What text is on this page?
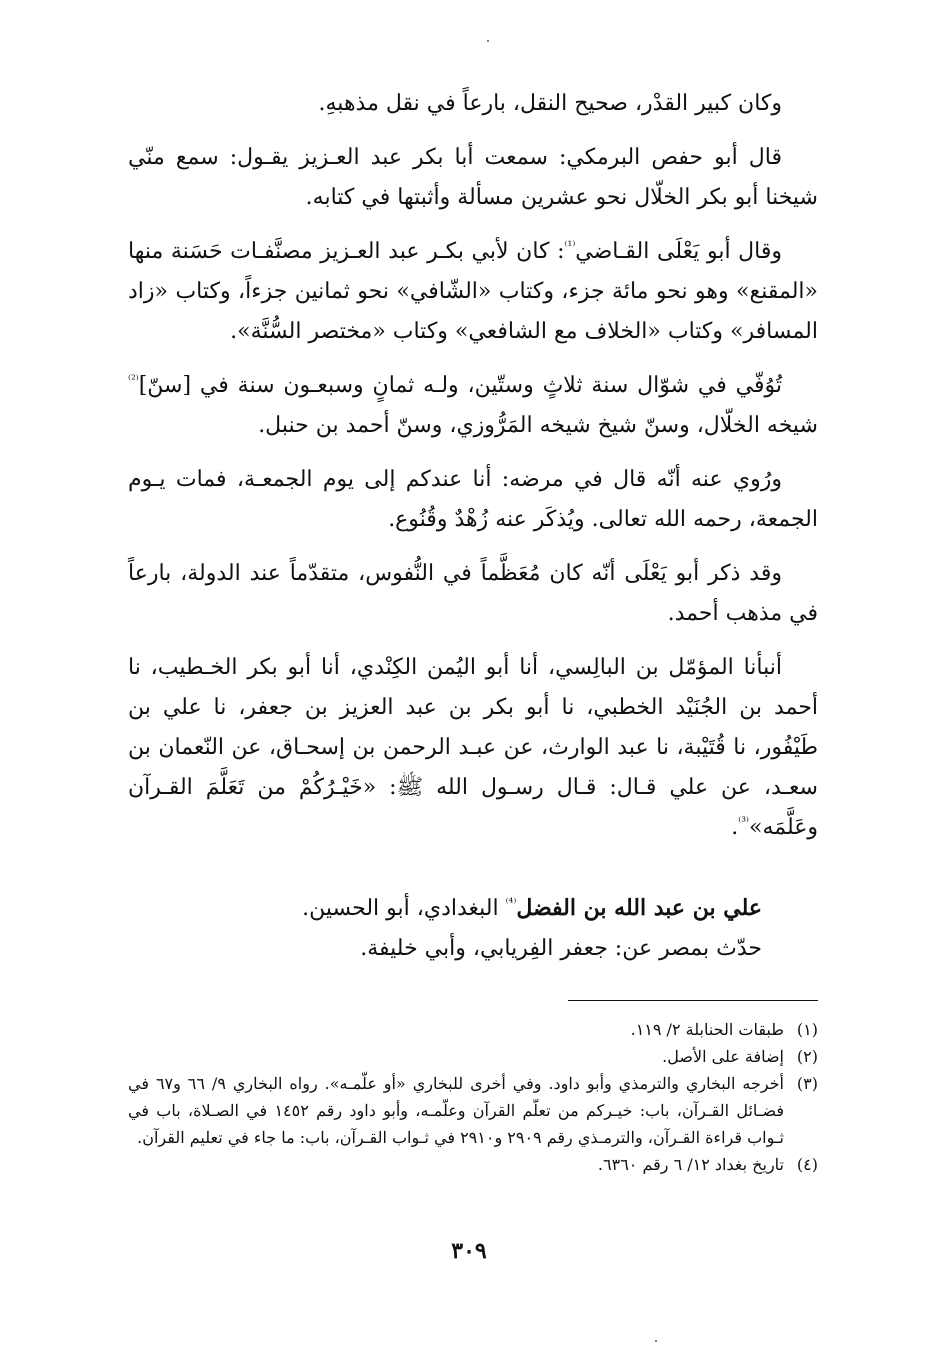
وكان كبير القدْر، صحيح النقل، بارعاً في نقل مذهبهِ.

قال أبو حفص البرمكي: سمعت أبا بكر عبد العـزيز يقـول: سمع منّي شيخنا أبو بكر الخلّال نحو عشرين مسألة وأثبتها في كتابه.

وقال أبو يَعْلَى القـاضي$^{^{(1)}}$: كان لأبي بكـر عبد العـزيز مصنَّفـات حَسَنة منها «المقنع» وهو نحو مائة جزء، وكتاب «الشّافي» نحو ثمانين جزءاً، وكتاب «زاد المسافر» وكتاب «الخلاف مع الشافعي» وكتاب «مختصر السُّنَّة».

تُوُفّي في شوّال سنة ثلاثٍ وستّين، ولـه ثمانٍ وسبعـون سنة في [سنّ]$^{^{(2)}}$ شيخه الخلّال، وسنّ شيخ شيخه المَرُّوزي، وسنّ أحمد بن حنبل.

ورُوي عنه أنّه قال في مرضه: أنا عندكم إلى يوم الجمعـة، فمات يـوم الجمعة، رحمه الله تعالى. ويُذكَر عنه زُهْدٌ وقُنُوع.

وقد ذكر أبو يَعْلَى أنّه كان مُعَظَّماً في النُّفوس، متقدّماً عند الدولة، بارعاً في مذهب أحمد.

أنبأنا المؤمّل بن البالِسي، أنا أبو اليُمن الكِنْدي، أنا أبو بكر الخـطيب، نا أحمد بن الجُنَيْد الخطبي، نا أبو بكر بن عبد العزيز بن جعفر، نا علي بن طَيْفُور، نا قُتَيْبة، نا عبد الوارث، عن عبـد الرحمن بن إسحـاق، عن النّعمان بن سعـد، عن علي قـال: قـال رسـول الله ﷺ: «خَيْـرُكُمْ من تَعَلَّمَ القـرآن وعَلَّمَه»$^{^{(3)}}$.

علي بن عبد الله بن الفضل$^{^{(4)}}$ البغدادي، أبو الحسين.
حدّث بمصر عن: جعفر الفِريابي، وأبي خليفة.
(١)
طبقات الحنابلة ٢/ ١١٩.
(٢)
إضافة على الأصل.
(٣)
أخرجه البخاري والترمذي وأبو داود. وفي أخرى للبخاري «أو علّمـه». رواه البخاري ٩/ ٦٦ و٦٧ في فضـائل القـرآن، باب: خيـركم من تعلّم القرآن وعلّمـه، وأبو داود رقم ١٤٥٢ في الصـلاة، باب في ثـواب قراءة القـرآن، والترمـذي رقم ٢٩٠٩ و٢٩١٠ في ثـواب القـرآن، باب: ما جاء في تعليم القرآن.
(٤)
تاريخ بغداد ١٢/ ٦ رقم ٦٣٦٠.
٣٠٩
